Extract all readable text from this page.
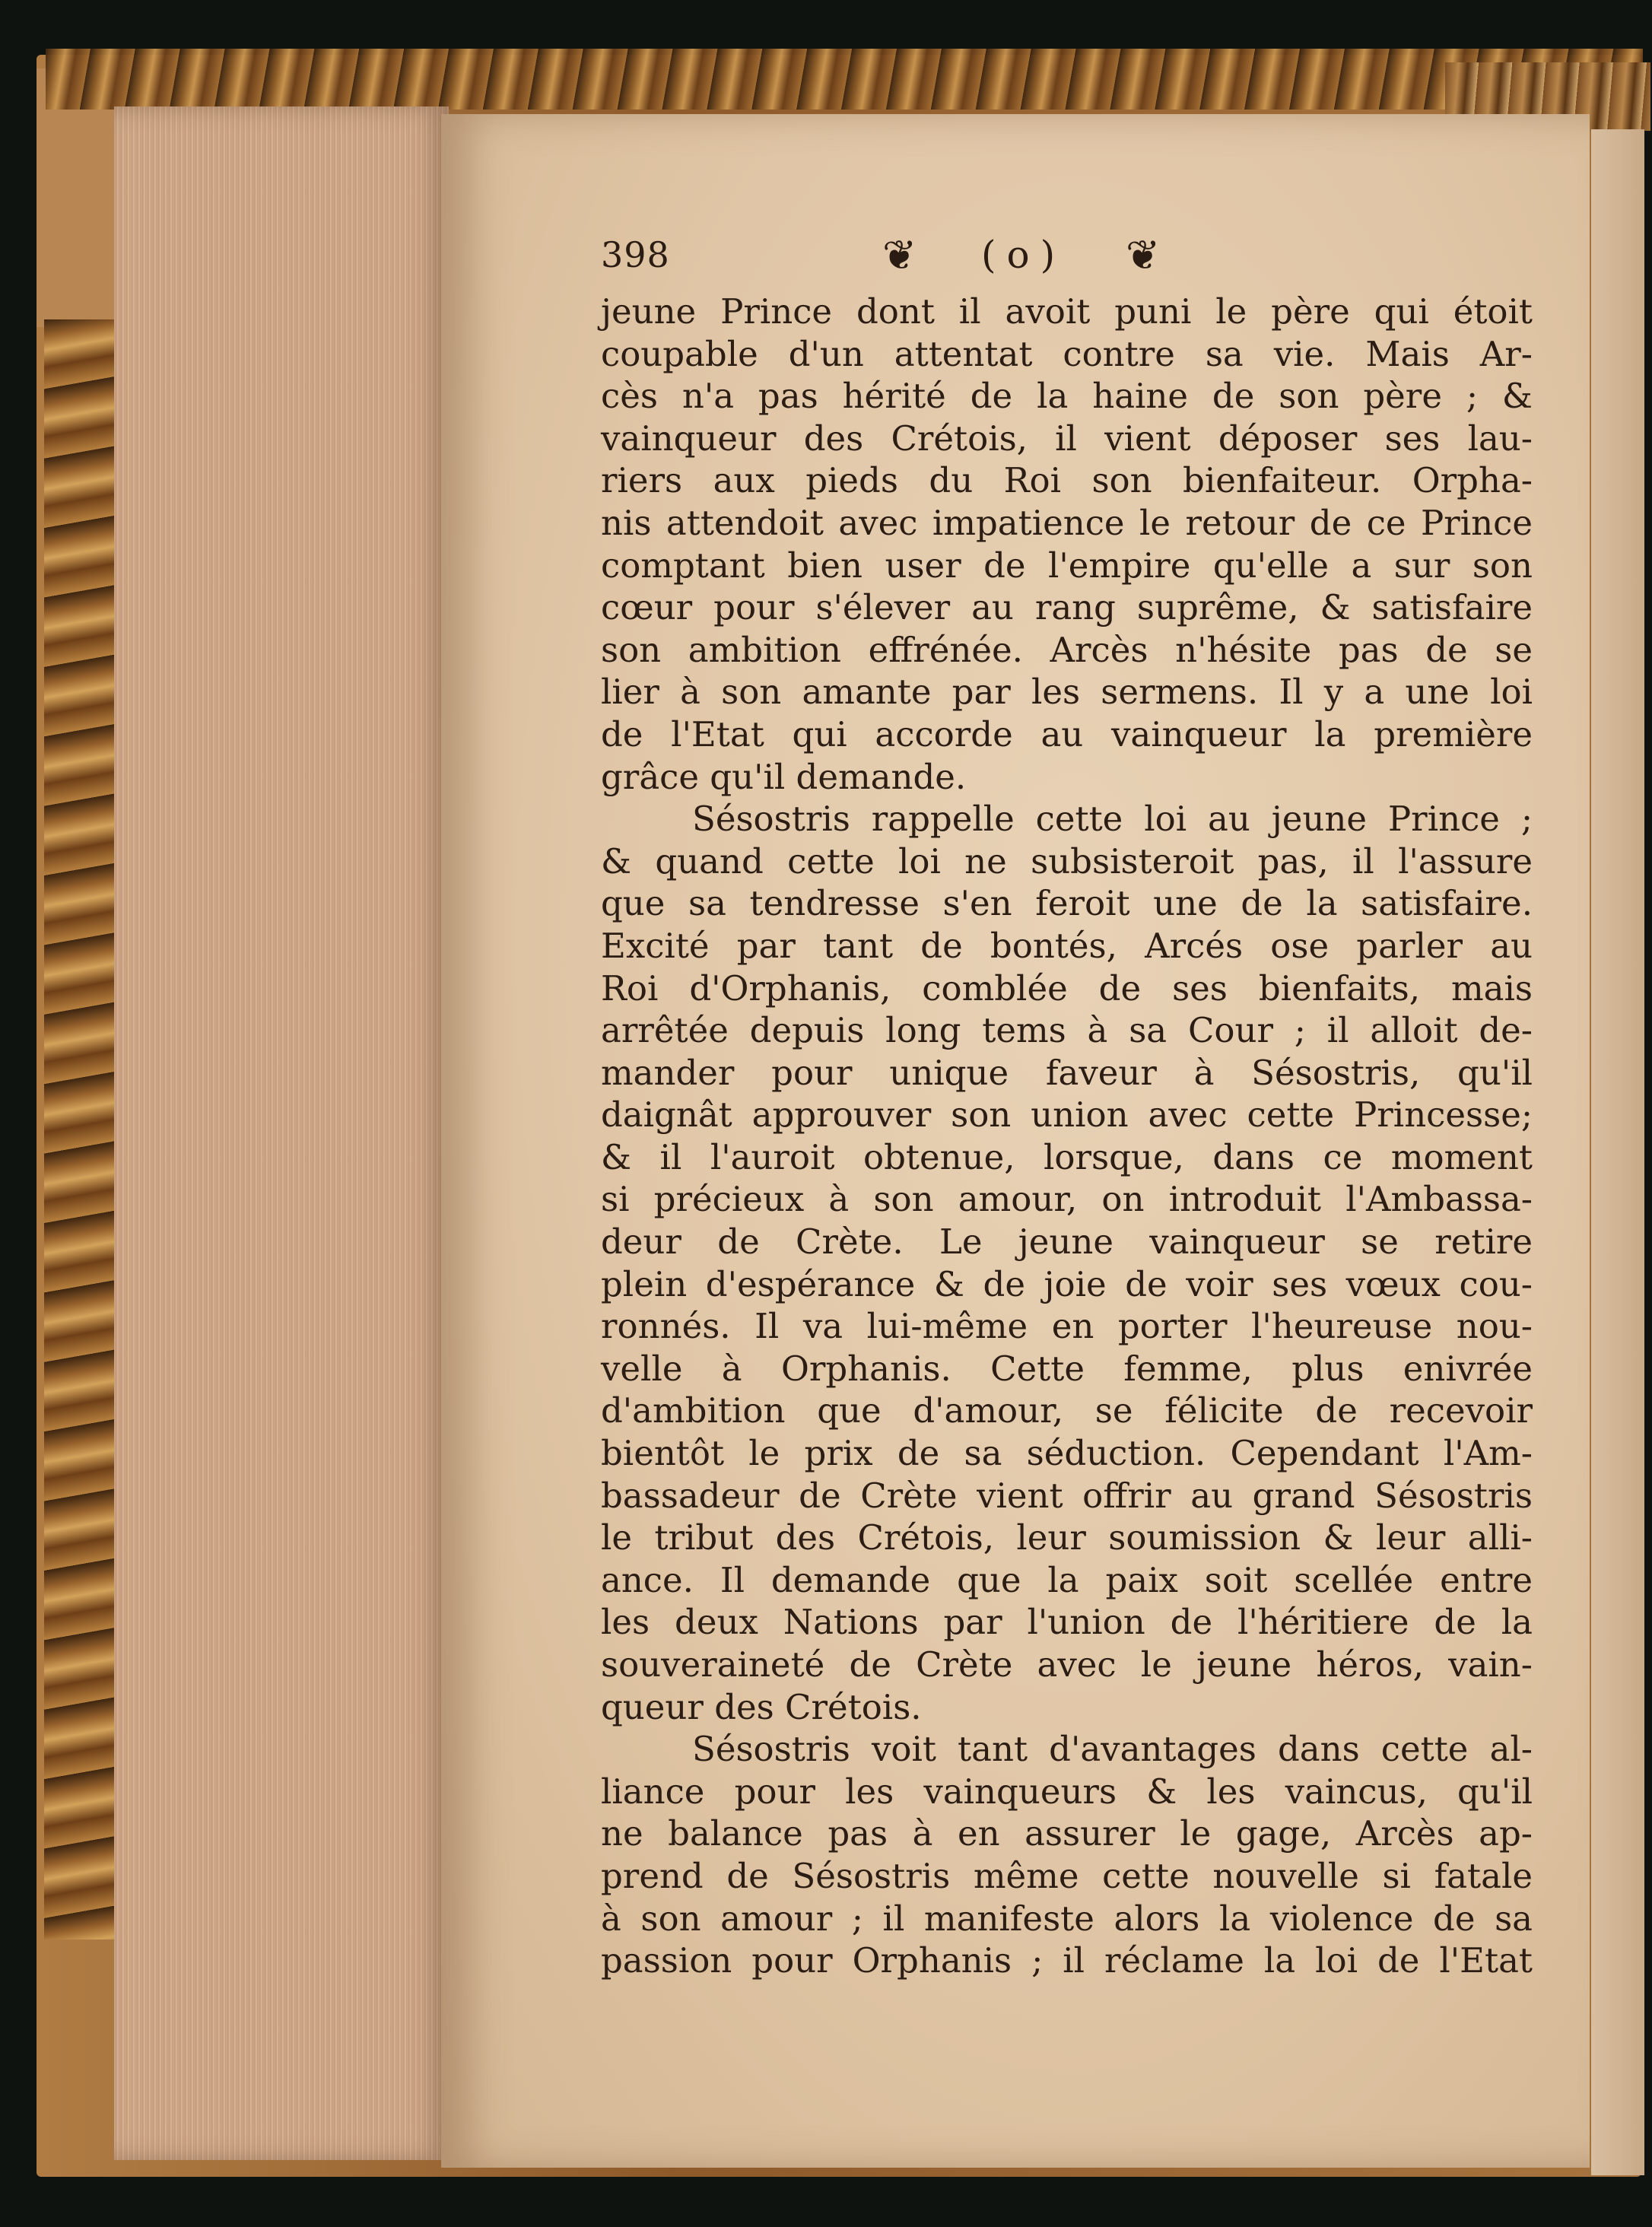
398	❦ (o) ❦
jeune Prince dont il avoit puni le père qui étoit
coupable d'un attentat contre sa vie. Mais Ar-
cès n'a pas hérité de la haine de son père ; &
vainqueur des Crétois, il vient déposer ses lau-
riers aux pieds du Roi son bienfaiteur. Orpha-
nis attendoit avec impatience le retour de ce Prince
comptant bien user de l'empire qu'elle a sur son
cœur pour s'élever au rang suprême, & satisfaire
son ambition effrénée. Arcès n'hésite pas de se
lier à son amante par les sermens. Il y a une loi
de l'Etat qui accorde au vainqueur la première
grâce qu'il demande.
Sésostris rappelle cette loi au jeune Prince ;
& quand cette loi ne subsisteroit pas, il l'assure
que sa tendresse s'en feroit une de la satisfaire.
Excité par tant de bontés, Arcés ose parler au
Roi d'Orphanis, comblée de ses bienfaits, mais
arrêtée depuis long tems à sa Cour ; il alloit de-
mander pour unique faveur à Sésostris, qu'il
daignât approuver son union avec cette Princesse;
& il l'auroit obtenue, lorsque, dans ce moment
si précieux à son amour, on introduit l'Ambassa-
deur de Crète. Le jeune vainqueur se retire
plein d'espérance & de joie de voir ses vœux cou-
ronnés. Il va lui-même en porter l'heureuse nou-
velle à Orphanis. Cette femme, plus enivrée
d'ambition que d'amour, se félicite de recevoir
bientôt le prix de sa séduction. Cependant l'Am-
bassadeur de Crète vient offrir au grand Sésostris
le tribut des Crétois, leur soumission & leur alli-
ance. Il demande que la paix soit scellée entre
les deux Nations par l'union de l'héritiere de la
souveraineté de Crète avec le jeune héros, vain-
queur des Crétois.
Sésostris voit tant d'avantages dans cette al-
liance pour les vainqueurs & les vaincus, qu'il
ne balance pas à en assurer le gage, Arcès ap-
prend de Sésostris même cette nouvelle si fatale
à son amour ; il manifeste alors la violence de sa
passion pour Orphanis ; il réclame la loi de l'Etat
